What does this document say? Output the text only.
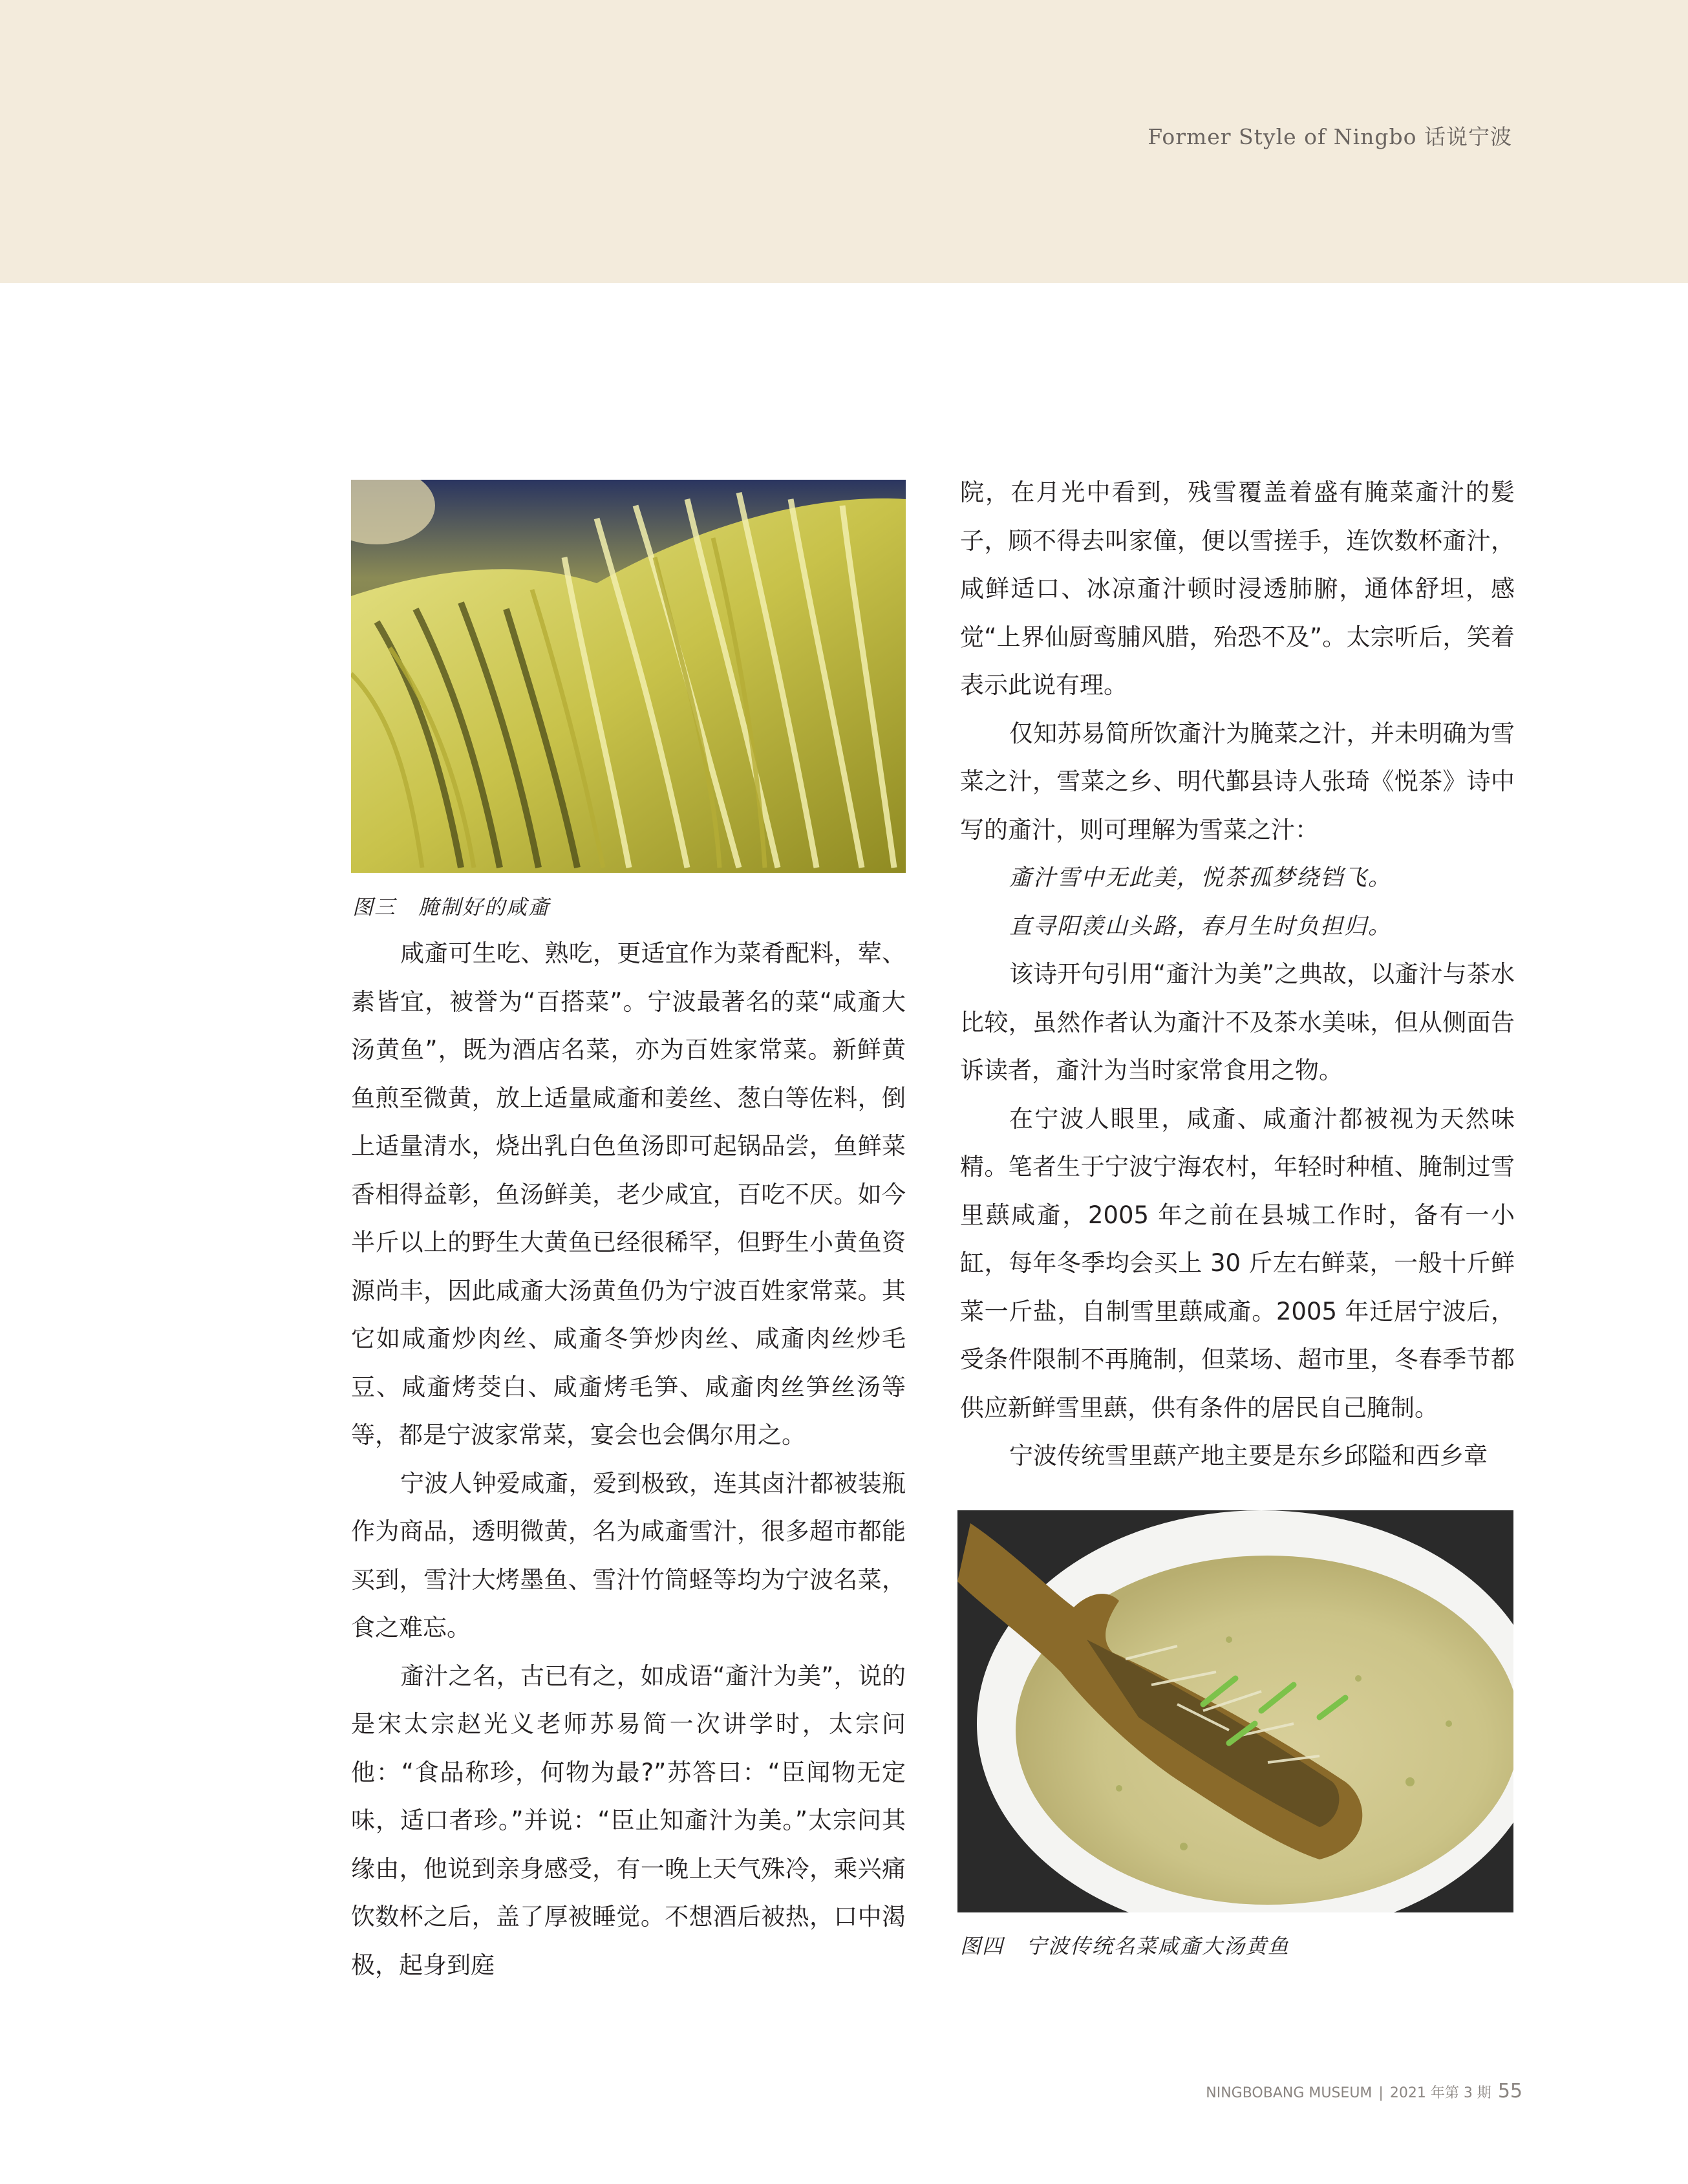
Former Style of Ningbo 话说宁波
图三　腌制好的咸齑

咸齑可生吃、熟吃，更适宜作为菜肴配料，荤、素皆宜，被誉为“百搭菜”。宁波最著名的菜“咸齑大汤黄鱼”，既为酒店名菜，亦为百姓家常菜。新鲜黄鱼煎至微黄，放上适量咸齑和姜丝、葱白等佐料，倒上适量清水，烧出乳白色鱼汤即可起锅品尝，鱼鲜菜香相得益彰，鱼汤鲜美，老少咸宜，百吃不厌。如今半斤以上的野生大黄鱼已经很稀罕，但野生小黄鱼资源尚丰，因此咸齑大汤黄鱼仍为宁波百姓家常菜。其它如咸齑炒肉丝、咸齑冬笋炒肉丝、咸齑肉丝炒毛豆、咸齑烤茭白、咸齑烤毛笋、咸齑肉丝笋丝汤等等，都是宁波家常菜，宴会也会偶尔用之。

宁波人钟爱咸齑，爱到极致，连其卤汁都被装瓶作为商品，透明微黄，名为咸齑雪汁，很多超市都能买到，雪汁大烤墨鱼、雪汁竹筒蛏等均为宁波名菜，食之难忘。

齑汁之名，古已有之，如成语“齑汁为美”，说的是宋太宗赵光义老师苏易简一次讲学时，太宗问他：“食品称珍，何物为最?”苏答曰：“臣闻物无定味，适口者珍。”并说：“臣止知齑汁为美。”太宗问其缘由，他说到亲身感受，有一晚上天气殊冷，乘兴痛饮数杯之后，盖了厚被睡觉。不想酒后被热，口中渴极，起身到庭

院，在月光中看到，残雪覆盖着盛有腌菜齑汁的髪子，顾不得去叫家僮，便以雪搓手，连饮数杯齑汁，咸鲜适口、冰凉齑汁顿时浸透肺腑，通体舒坦，感觉“上界仙厨鸾脯风腊，殆恐不及”。太宗听后，笑着表示此说有理。

仅知苏易简所饮齑汁为腌菜之汁，并未明确为雪菜之汁，雪菜之乡、明代鄞县诗人张琦《悦茶》诗中写的齑汁，则可理解为雪菜之汁：

齑汁雪中无此美，悦茶孤梦绕铛飞。

直寻阳羡山头路，春月生时负担归。

该诗开句引用“齑汁为美”之典故，以齑汁与茶水比较，虽然作者认为齑汁不及茶水美味，但从侧面告诉读者，齑汁为当时家常食用之物。

在宁波人眼里，咸齑、咸齑汁都被视为天然味精。笔者生于宁波宁海农村，年轻时种植、腌制过雪里蕻咸齑，2005 年之前在县城工作时，备有一小缸，每年冬季均会买上 30 斤左右鲜菜，一般十斤鲜菜一斤盐，自制雪里蕻咸齑。2005 年迁居宁波后，受条件限制不再腌制，但菜场、超市里，冬春季节都供应新鲜雪里蕻，供有条件的居民自己腌制。

宁波传统雪里蕻产地主要是东乡邱隘和西乡章

图四　宁波传统名菜咸齑大汤黄鱼
NINGBOBANG MUSEUM | 2021 年第 3 期 55
